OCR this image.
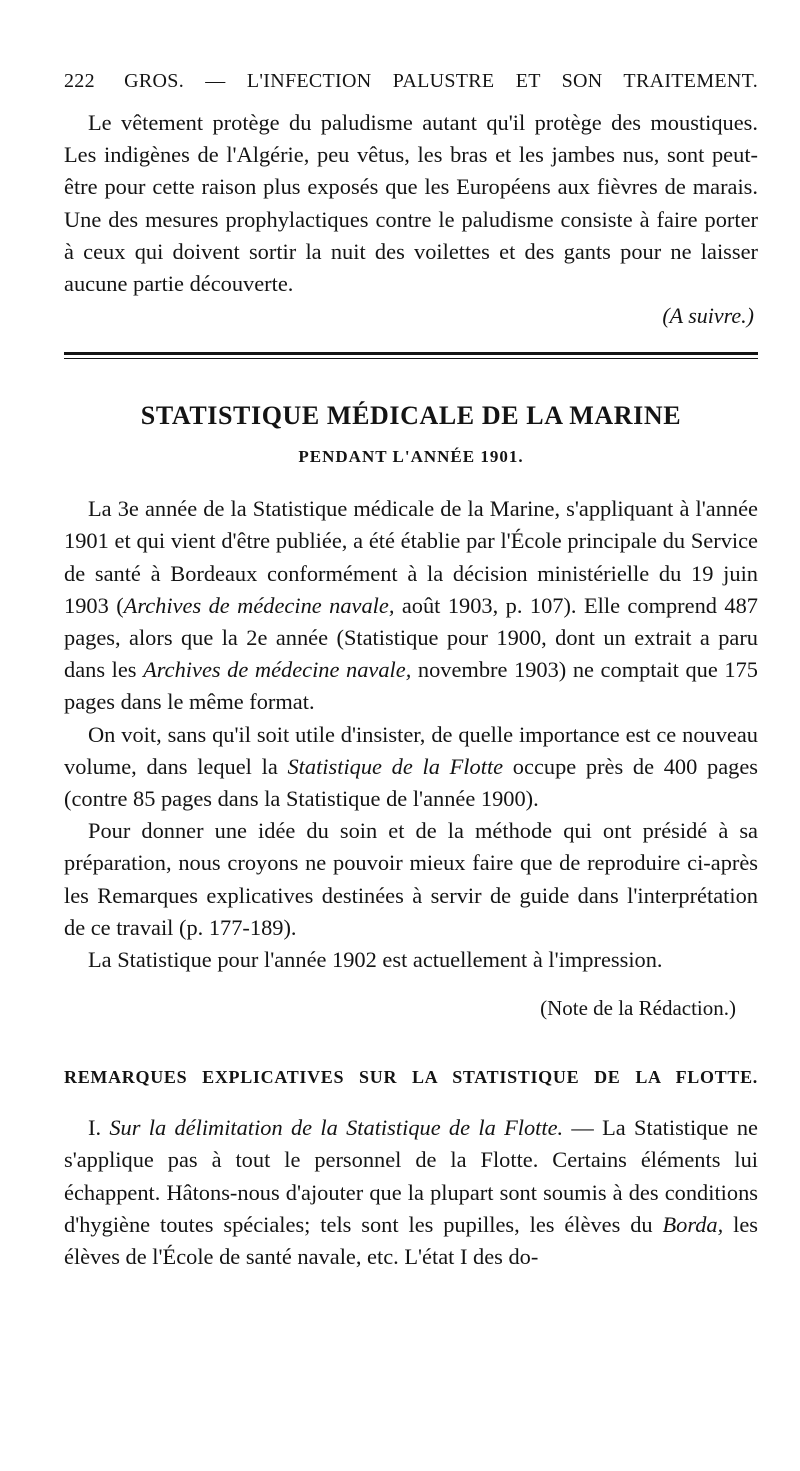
222 GROS. — L'INFECTION PALUSTRE ET SON TRAITEMENT.

Le vêtement protège du paludisme autant qu'il protège des moustiques. Les indigènes de l'Algérie, peu vêtus, les bras et les jambes nus, sont peut-être pour cette raison plus exposés que les Européens aux fièvres de marais. Une des mesures prophylactiques contre le paludisme consiste à faire porter à ceux qui doivent sortir la nuit des voilettes et des gants pour ne laisser aucune partie découverte.

(A suivre.)

STATISTIQUE MÉDICALE DE LA MARINE
PENDANT L'ANNÉE 1901.

La 3e année de la Statistique médicale de la Marine, s'appliquant à l'année 1901 et qui vient d'être publiée, a été établie par l'École principale du Service de santé à Bordeaux conformément à la décision ministérielle du 19 juin 1903 (Archives de médecine navale, août 1903, p. 107). Elle comprend 487 pages, alors que la 2e année (Statistique pour 1900, dont un extrait a paru dans les Archives de médecine navale, novembre 1903) ne comptait que 175 pages dans le même format.

On voit, sans qu'il soit utile d'insister, de quelle importance est ce nouveau volume, dans lequel la Statistique de la Flotte occupe près de 400 pages (contre 85 pages dans la Statistique de l'année 1900).

Pour donner une idée du soin et de la méthode qui ont présidé à sa préparation, nous croyons ne pouvoir mieux faire que de reproduire ci-après les Remarques explicatives destinées à servir de guide dans l'interprétation de ce travail (p. 177-189).

La Statistique pour l'année 1902 est actuellement à l'impression.

(Note de la Rédaction.)
REMARQUES EXPLICATIVES SUR LA STATISTIQUE DE LA FLOTTE.

I. Sur la délimitation de la Statistique de la Flotte. — La Statistique ne s'applique pas à tout le personnel de la Flotte. Certains éléments lui échappent. Hâtons-nous d'ajouter que la plupart sont soumis à des conditions d'hygiène toutes spéciales; tels sont les pupilles, les élèves du Borda, les élèves de l'École de santé navale, etc. L'état I des do-
